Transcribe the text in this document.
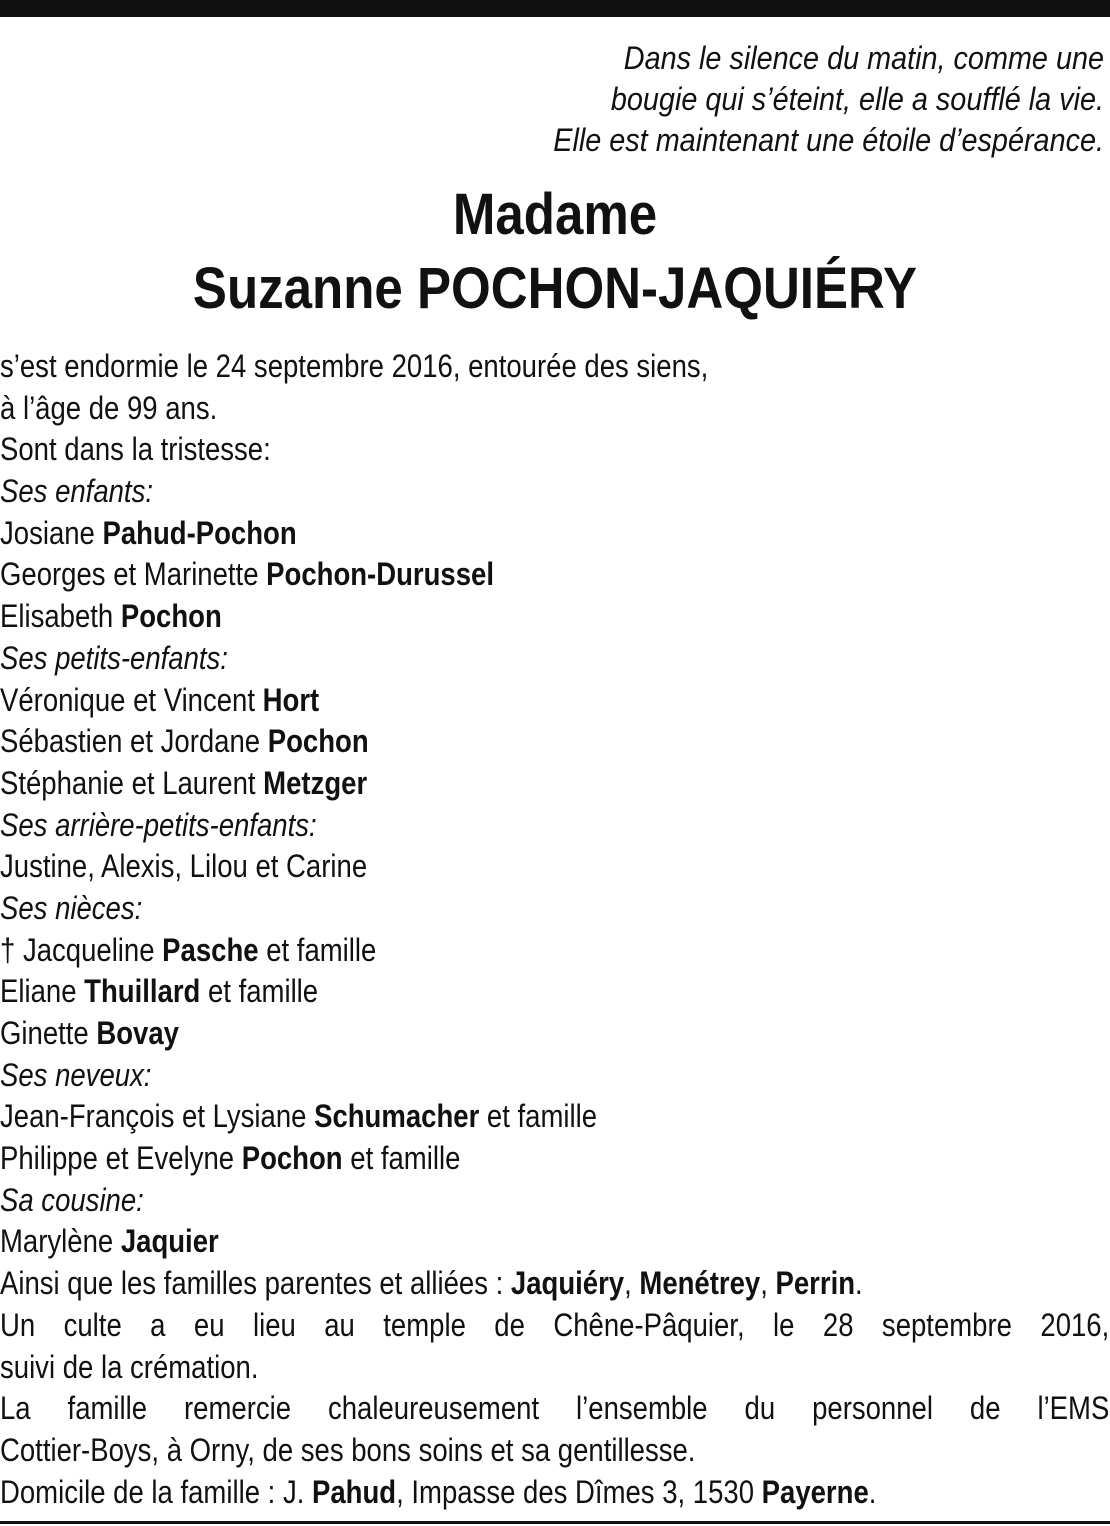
Dans le silence du matin, comme une
bougie qui s’éteint, elle a soufflé la vie.
Elle est maintenant une étoile d’espérance.
Madame
Suzanne POCHON-JAQUIÉRY
s’est endormie le 24 septembre 2016, entourée des siens,
à l’âge de 99 ans.
Sont dans la tristesse:
Ses enfants:
Josiane Pahud-Pochon
Georges et Marinette Pochon-Durussel
Elisabeth Pochon
Ses petits-enfants:
Véronique et Vincent Hort
Sébastien et Jordane Pochon
Stéphanie et Laurent Metzger
Ses arrière-petits-enfants:
Justine, Alexis, Lilou et Carine
Ses nièces:
† Jacqueline Pasche et famille
Eliane Thuillard et famille
Ginette Bovay
Ses neveux:
Jean-François et Lysiane Schumacher et famille
Philippe et Evelyne Pochon et famille
Sa cousine:
Marylène Jaquier
Ainsi que les familles parentes et alliées : Jaquiéry, Menétrey, Perrin.
Un culte a eu lieu au temple de Chêne-Pâquier, le 28 septembre 2016,
suivi de la crémation.
La famille remercie chaleureusement l’ensemble du personnel de l’EMS
Cottier-Boys, à Orny, de ses bons soins et sa gentillesse.
Domicile de la famille : J. Pahud, Impasse des Dîmes 3, 1530 Payerne.
